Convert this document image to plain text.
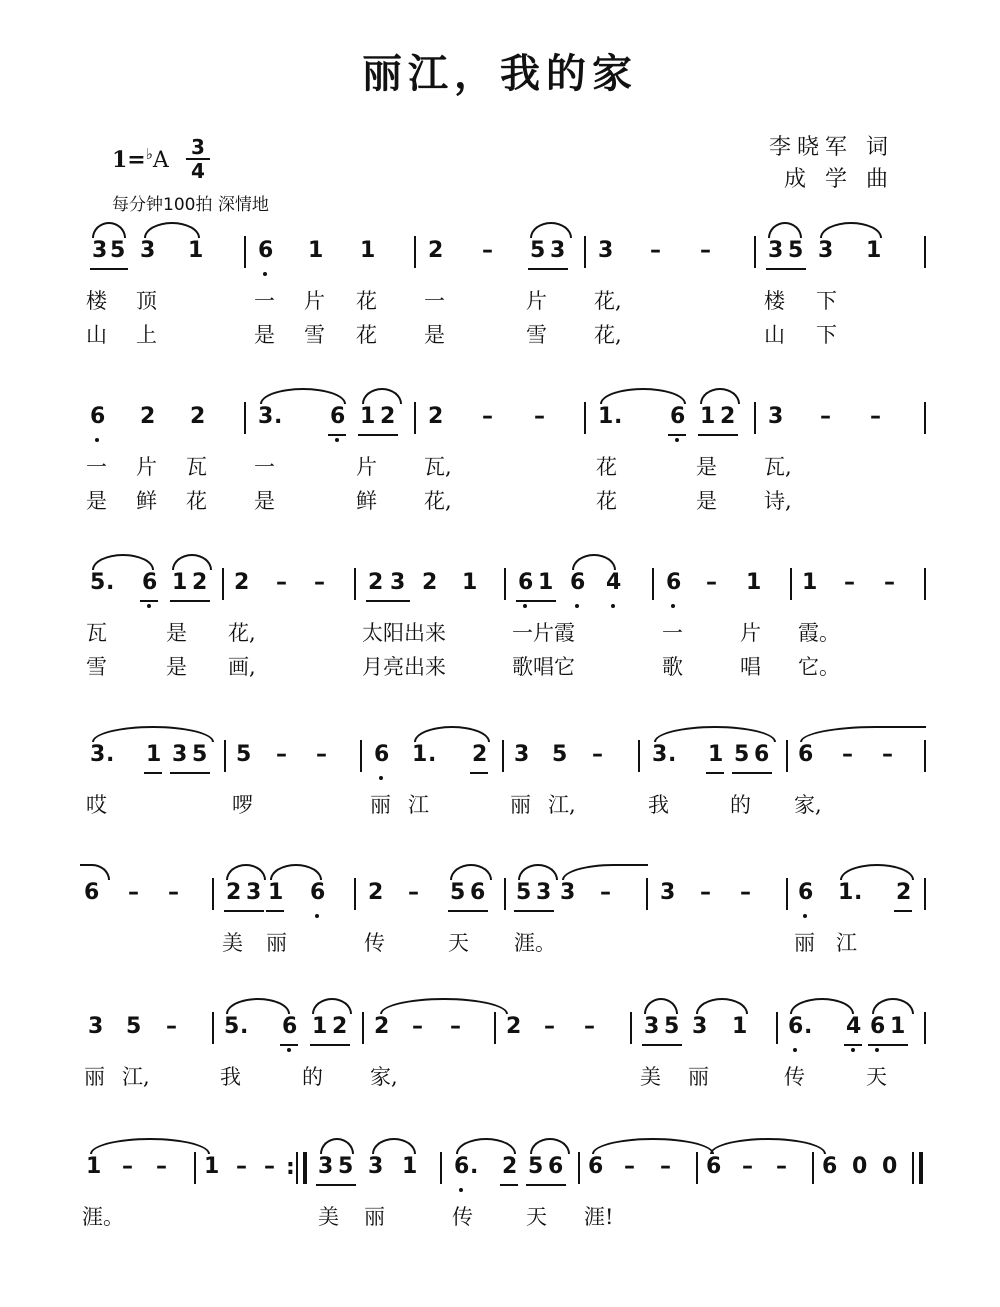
丽江，我的家
$1=^♭A \frac{3}{4}$
每分钟100拍 深情地
李晓军 词
成 学 曲
3 5 3 1 6 1 1 2 – 5 3 3 – –	3 5 3 1
楼 顶	一 片 花 一	片 花,	楼 下
山 上	是 雪 花 是	雪 花,	山 下
6 2 2 3 . 6 1 2 2 – – 1 . 6 1 2 3 – –
一 片 瓦 一	片 瓦,	花	是 瓦,
是 鲜 花 是	鲜 花,	花	是 诗,
5 . 6 1 2 2 – – 2 3 2 1 6 1 6 4 6 – 1 1 – –
瓦	是 花,	太阳出来	一片霞	一	片 霞。
雪	是 画,	月亮出来	歌唱它	歌	唱 它。
3 . 1 3 5 5 – – 6 1 . 2 3 5 – 3 . 1 5 6 6 – –
哎	啰	丽 江	丽 江,	我	的 家,
6 – – 2 3 1 6 2 – 5 6 5 3 3 – 3 – – 6 1 . 2
美 丽	传	天 涯。	丽 江
3 5 – 5 . 6 1 2 2 – – 2 – – 3 5 3 1 6 . 4 6 1
丽 江,	我	的 家,	美 丽	传	天
1 – – 1 – – : 3 5 3 1 6 . 2 5 6 6 – – 6 – – 6 0 0
涯。	美 丽	传	天 涯!
